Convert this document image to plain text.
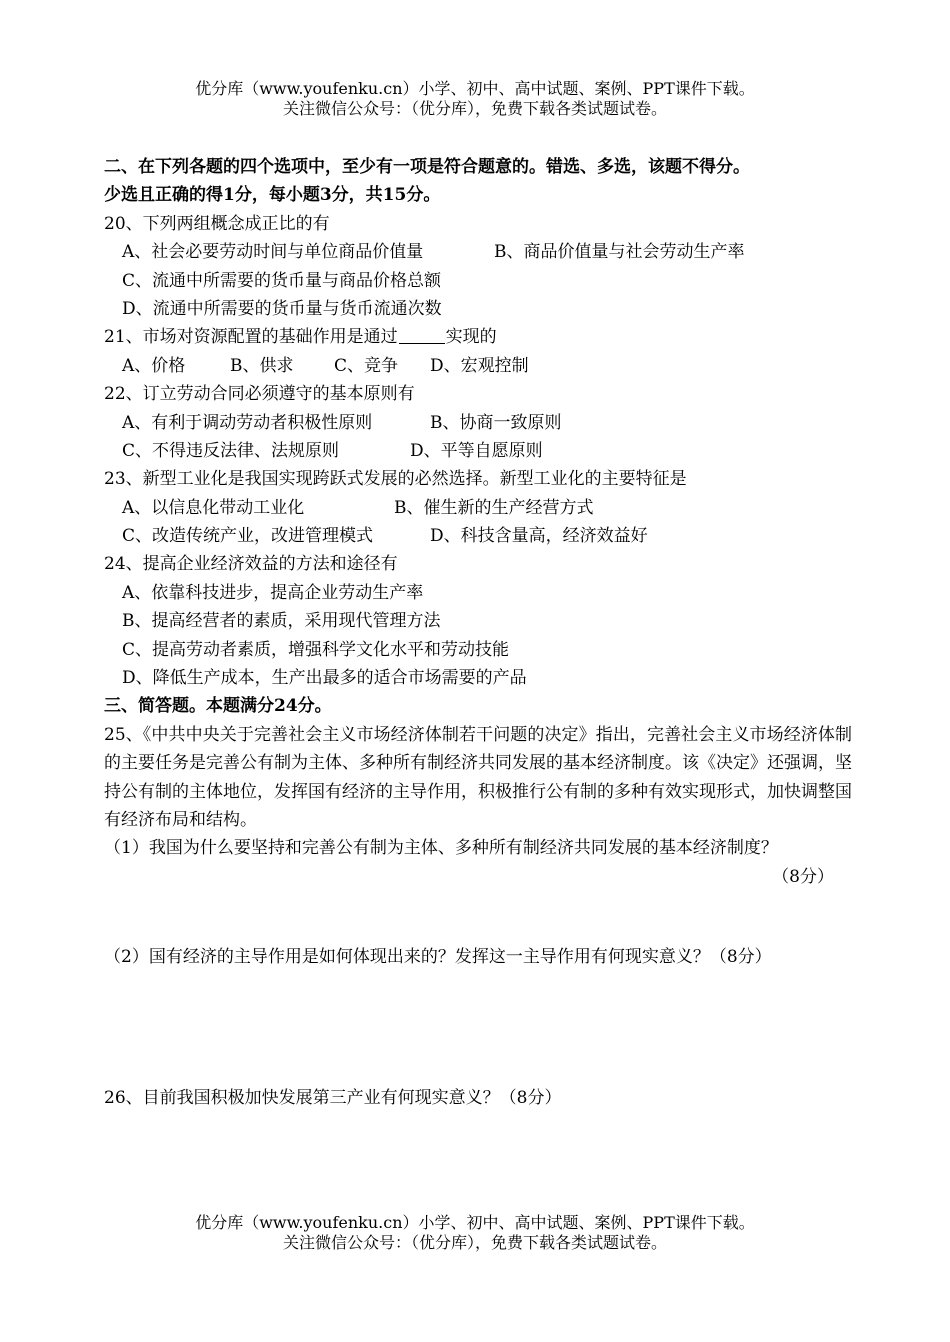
优分库（www.youfenku.cn）小学、初中、高中试题、案例、PPT课件下载。
关注微信公众号：（优分库），免费下载各类试题试卷。
二、在下列各题的四个选项中，至少有一项是符合题意的。错选、多选，该题不得分。
少选且正确的得1分，每小题3分，共15分。
20、下列两组概念成正比的有
A、社会必要劳动时间与单位商品价值量	B、商品价值量与社会劳动生产率
C、流通中所需要的货币量与商品价格总额
D、流通中所需要的货币量与货币流通次数
21、市场对资源配置的基础作用是通过	实现的
A、价格	B、供求 C、竞争 D、宏观控制
22、订立劳动合同必须遵守的基本原则有
A、有利于调动劳动者积极性原则	B、协商一致原则
C、不得违反法律、法规原则	D、平等自愿原则
23、新型工业化是我国实现跨跃式发展的必然选择。新型工业化的主要特征是
A、以信息化带动工业化	B、催生新的生产经营方式
C、改造传统产业，改进管理模式	D、科技含量高，经济效益好
24、提高企业经济效益的方法和途径有
A、依靠科技进步，提高企业劳动生产率
B、提高经营者的素质，采用现代管理方法
C、提高劳动者素质，增强科学文化水平和劳动技能
D、降低生产成本，生产出最多的适合市场需要的产品
三、简答题。本题满分24分。
25、《中共中央关于完善社会主义市场经济体制若干问题的决定》指出，完善社会主义市场经济体制的主要任务是完善公有制为主体、多种所有制经济共同发展的基本经济制度。该《决定》还强调，坚持公有制的主体地位，发挥国有经济的主导作用，积极推行公有制的多种有效实现形式，加快调整国有经济布局和结构。
（1）我国为什么要坚持和完善公有制为主体、多种所有制经济共同发展的基本经济制度？
（8分）
（2）国有经济的主导作用是如何体现出来的？发挥这一主导作用有何现实意义？（8分）
26、目前我国积极加快发展第三产业有何现实意义？（8分）
优分库（www.youfenku.cn）小学、初中、高中试题、案例、PPT课件下载。
关注微信公众号：（优分库），免费下载各类试题试卷。
